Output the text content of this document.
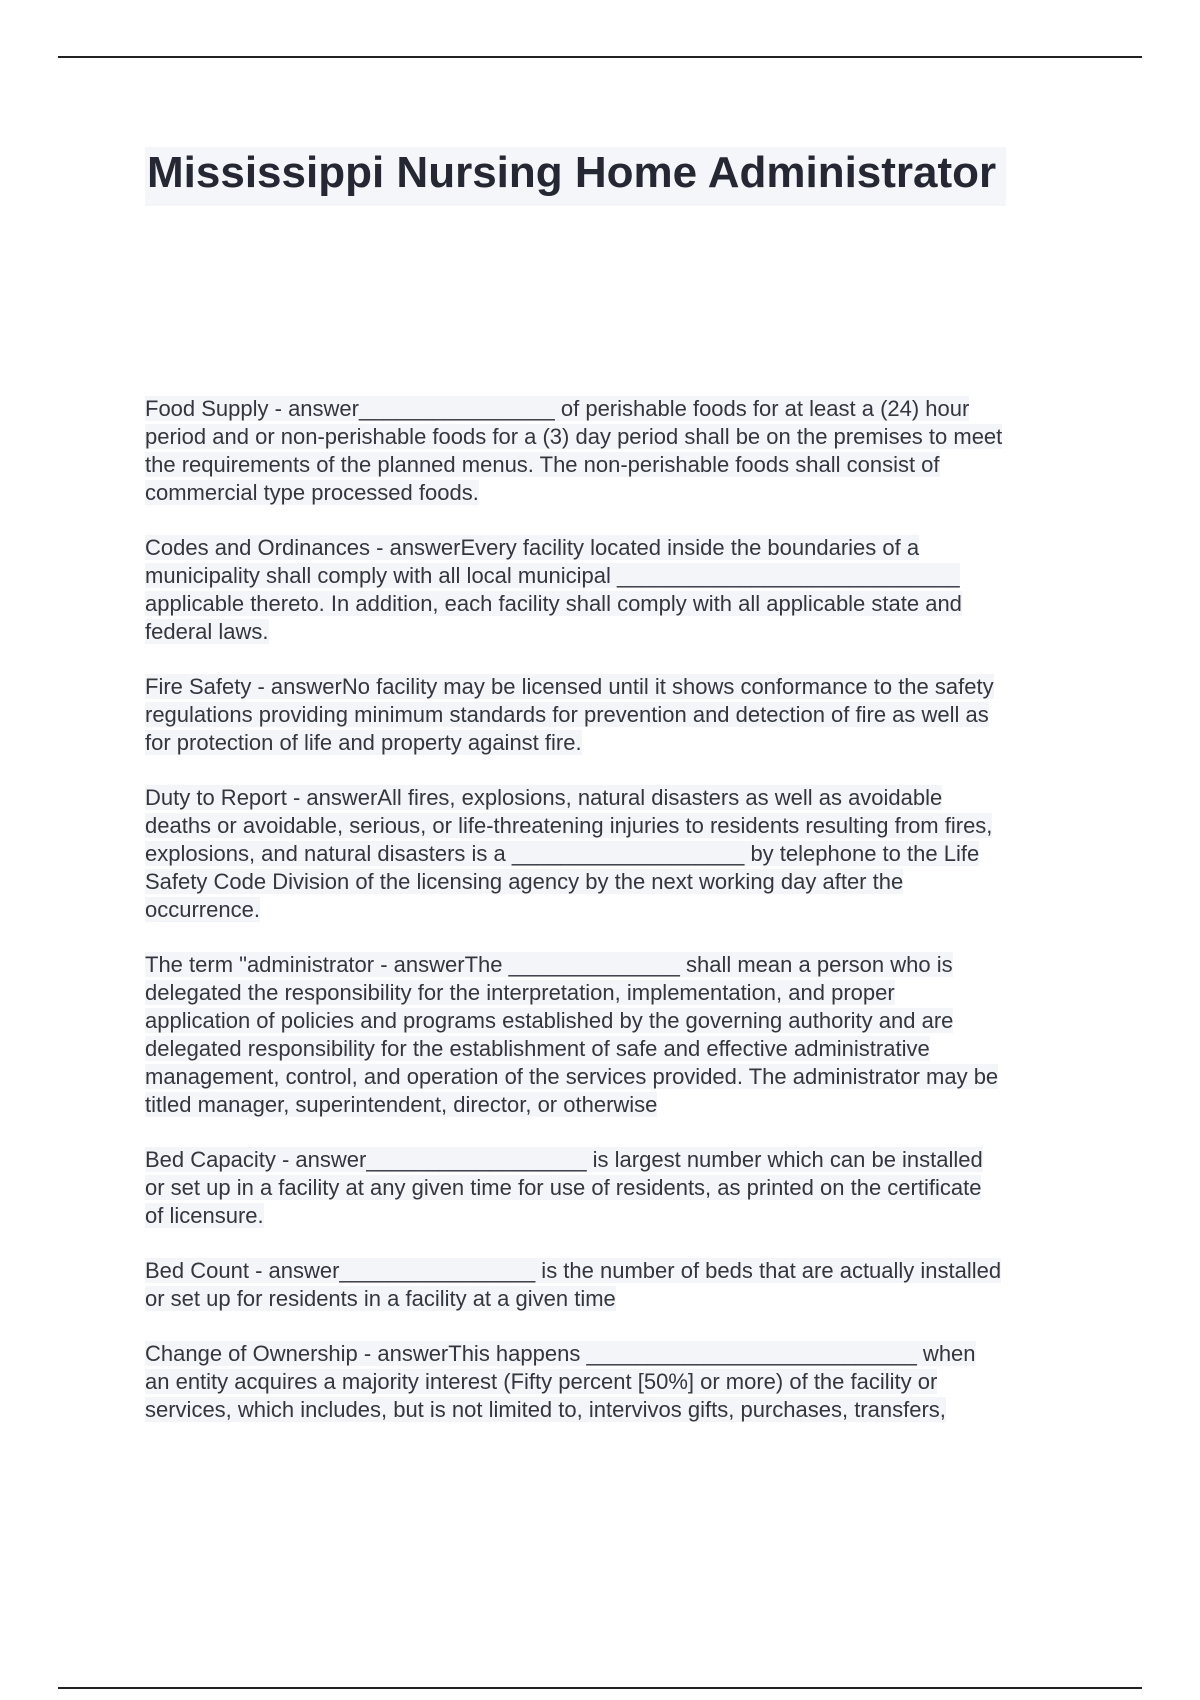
Mississippi Nursing Home Administrator

Food Supply - answer________________ of perishable foods for at least a (24) hour
period and or non-perishable foods for a (3) day period shall be on the premises to meet
the requirements of the planned menus. The non-perishable foods shall consist of
commercial type processed foods.

Codes and Ordinances - answerEvery facility located inside the boundaries of a
municipality shall comply with all local municipal ____________________________
applicable thereto. In addition, each facility shall comply with all applicable state and
federal laws.

Fire Safety - answerNo facility may be licensed until it shows conformance to the safety
regulations providing minimum standards for prevention and detection of fire as well as
for protection of life and property against fire.

Duty to Report - answerAll fires, explosions, natural disasters as well as avoidable
deaths or avoidable, serious, or life-threatening injuries to residents resulting from fires,
explosions, and natural disasters is a ___________________ by telephone to the Life
Safety Code Division of the licensing agency by the next working day after the
occurrence.

The term "administrator - answerThe ______________ shall mean a person who is
delegated the responsibility for the interpretation, implementation, and proper
application of policies and programs established by the governing authority and are
delegated responsibility for the establishment of safe and effective administrative
management, control, and operation of the services provided. The administrator may be
titled manager, superintendent, director, or otherwise

Bed Capacity - answer__________________ is largest number which can be installed
or set up in a facility at any given time for use of residents, as printed on the certificate
of licensure.

Bed Count - answer________________ is the number of beds that are actually installed
or set up for residents in a facility at a given time

Change of Ownership - answerThis happens ___________________________ when
an entity acquires a majority interest (Fifty percent [50%] or more) of the facility or
services, which includes, but is not limited to, intervivos gifts, purchases, transfers,
